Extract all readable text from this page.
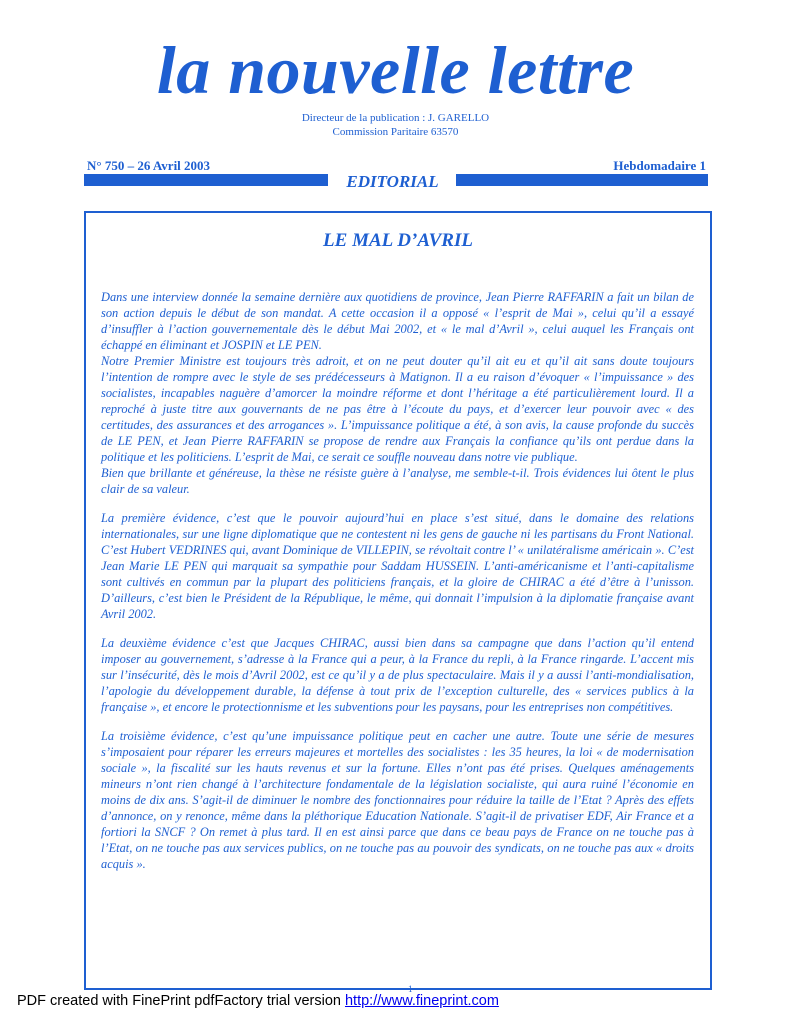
la nouvelle lettre
Directeur de la publication : J. GARELLO
Commission Paritaire 63570
N° 750 – 26 Avril 2003	Hebdomadaire 1
EDITORIAL
LE MAL D’AVRIL

Dans une interview donnée la semaine dernière aux quotidiens de province, Jean Pierre RAFFARIN a fait un bilan de son action depuis le début de son mandat. A cette occasion il a opposé « l’esprit de Mai », celui qu’il a essayé d’insuffler à l’action gouvernementale dès le début Mai 2002, et « le mal d’Avril », celui auquel les Français ont échappé en éliminant et JOSPIN et LE PEN.

Notre Premier Ministre est toujours très adroit, et on ne peut douter qu’il ait eu et qu’il ait sans doute toujours l’intention de rompre avec le style de ses prédécesseurs à Matignon. Il a eu raison d’évoquer « l’impuissance » des socialistes, incapables naguère d’amorcer la moindre réforme et dont l’héritage a été particulièrement lourd. Il a reproché à juste titre aux gouvernants de ne pas être à l’écoute du pays, et d’exercer leur pouvoir avec « des certitudes, des assurances et des arrogances ». L’impuissance politique a été, à son avis, la cause profonde du succès de LE PEN, et Jean Pierre RAFFARIN se propose de rendre aux Français la confiance qu’ils ont perdue dans la politique et les politiciens. L’esprit de Mai, ce serait ce souffle nouveau dans notre vie publique.

Bien que brillante et généreuse, la thèse ne résiste guère à l’analyse, me semble-t-il. Trois évidences lui ôtent le plus clair de sa valeur.

La première évidence, c’est que le pouvoir aujourd’hui en place s’est situé, dans le domaine des relations internationales, sur une ligne diplomatique que ne contestent ni les gens de gauche ni les partisans du Front National. C’est Hubert VEDRINES qui, avant Dominique de VILLEPIN, se révoltait contre l’ « unilatéralisme américain ». C’est Jean Marie LE PEN qui marquait sa sympathie pour Saddam HUSSEIN. L’anti-américanisme et l’anti-capitalisme sont cultivés en commun par la plupart des politiciens français, et la gloire de CHIRAC a été d’être à l’unisson. D’ailleurs, c’est bien le Président de la République, le même, qui donnait l’impulsion à la diplomatie française avant Avril 2002.

La deuxième évidence c’est que Jacques CHIRAC, aussi bien dans sa campagne que dans l’action qu’il entend imposer au gouvernement, s’adresse à la France qui a peur, à la France du repli, à la France ringarde. L’accent mis sur l’insécurité, dès le mois d’Avril 2002, est ce qu’il y a de plus spectaculaire. Mais il y a aussi l’anti-mondialisation, l’apologie du développement durable, la défense à tout prix de l’exception culturelle, des « services publics à la française », et encore le protectionnisme et les subventions pour les paysans, pour les entreprises non compétitives.

La troisième évidence, c’est qu’une impuissance politique peut en cacher une autre. Toute une série de mesures s’imposaient pour réparer les erreurs majeures et mortelles des socialistes : les 35 heures, la loi « de modernisation sociale », la fiscalité sur les hauts revenus et sur la fortune. Elles n’ont pas été prises. Quelques aménagements mineurs n’ont rien changé à l’architecture fondamentale de la législation socialiste, qui aura ruiné l’économie en moins de dix ans. S’agit-il de diminuer le nombre des fonctionnaires pour réduire la taille de l’Etat ? Après des effets d’annonce, on y renonce, même dans la pléthorique Education Nationale. S’agit-il de privatiser EDF, Air France et a fortiori la SNCF ? On remet à plus tard. Il en est ainsi parce que dans ce beau pays de France on ne touche pas à l’Etat, on ne touche pas aux services publics, on ne touche pas au pouvoir des syndicats, on ne touche pas aux « droits acquis ».

1
PDF created with FinePrint pdfFactory trial version http://www.fineprint.com
